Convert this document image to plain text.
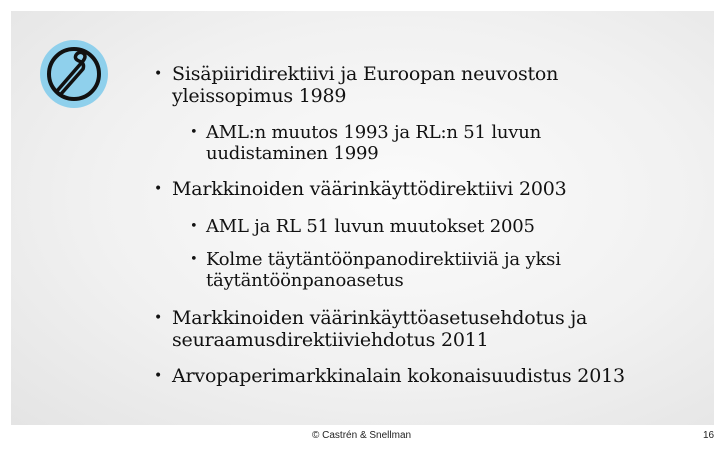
• Sisäpiiridirektiivi ja Euroopan neuvoston yleissopimus 1989
• AML:n muutos 1993 ja RL:n 51 luvun uudistaminen 1999
• Markkinoiden väärinkäyttödirektiivi 2003
• AML ja RL 51 luvun muutokset 2005
• Kolme täytäntöönpanodirektiiviä ja yksi täytäntöönpanoasetus
• Markkinoiden väärinkäyttöasetusehdotus ja seuraamusdirektiiviehdotus 2011
• Arvopaperimarkkinalain kokonaisuudistus 2013
© Castrén & Snellman	16
